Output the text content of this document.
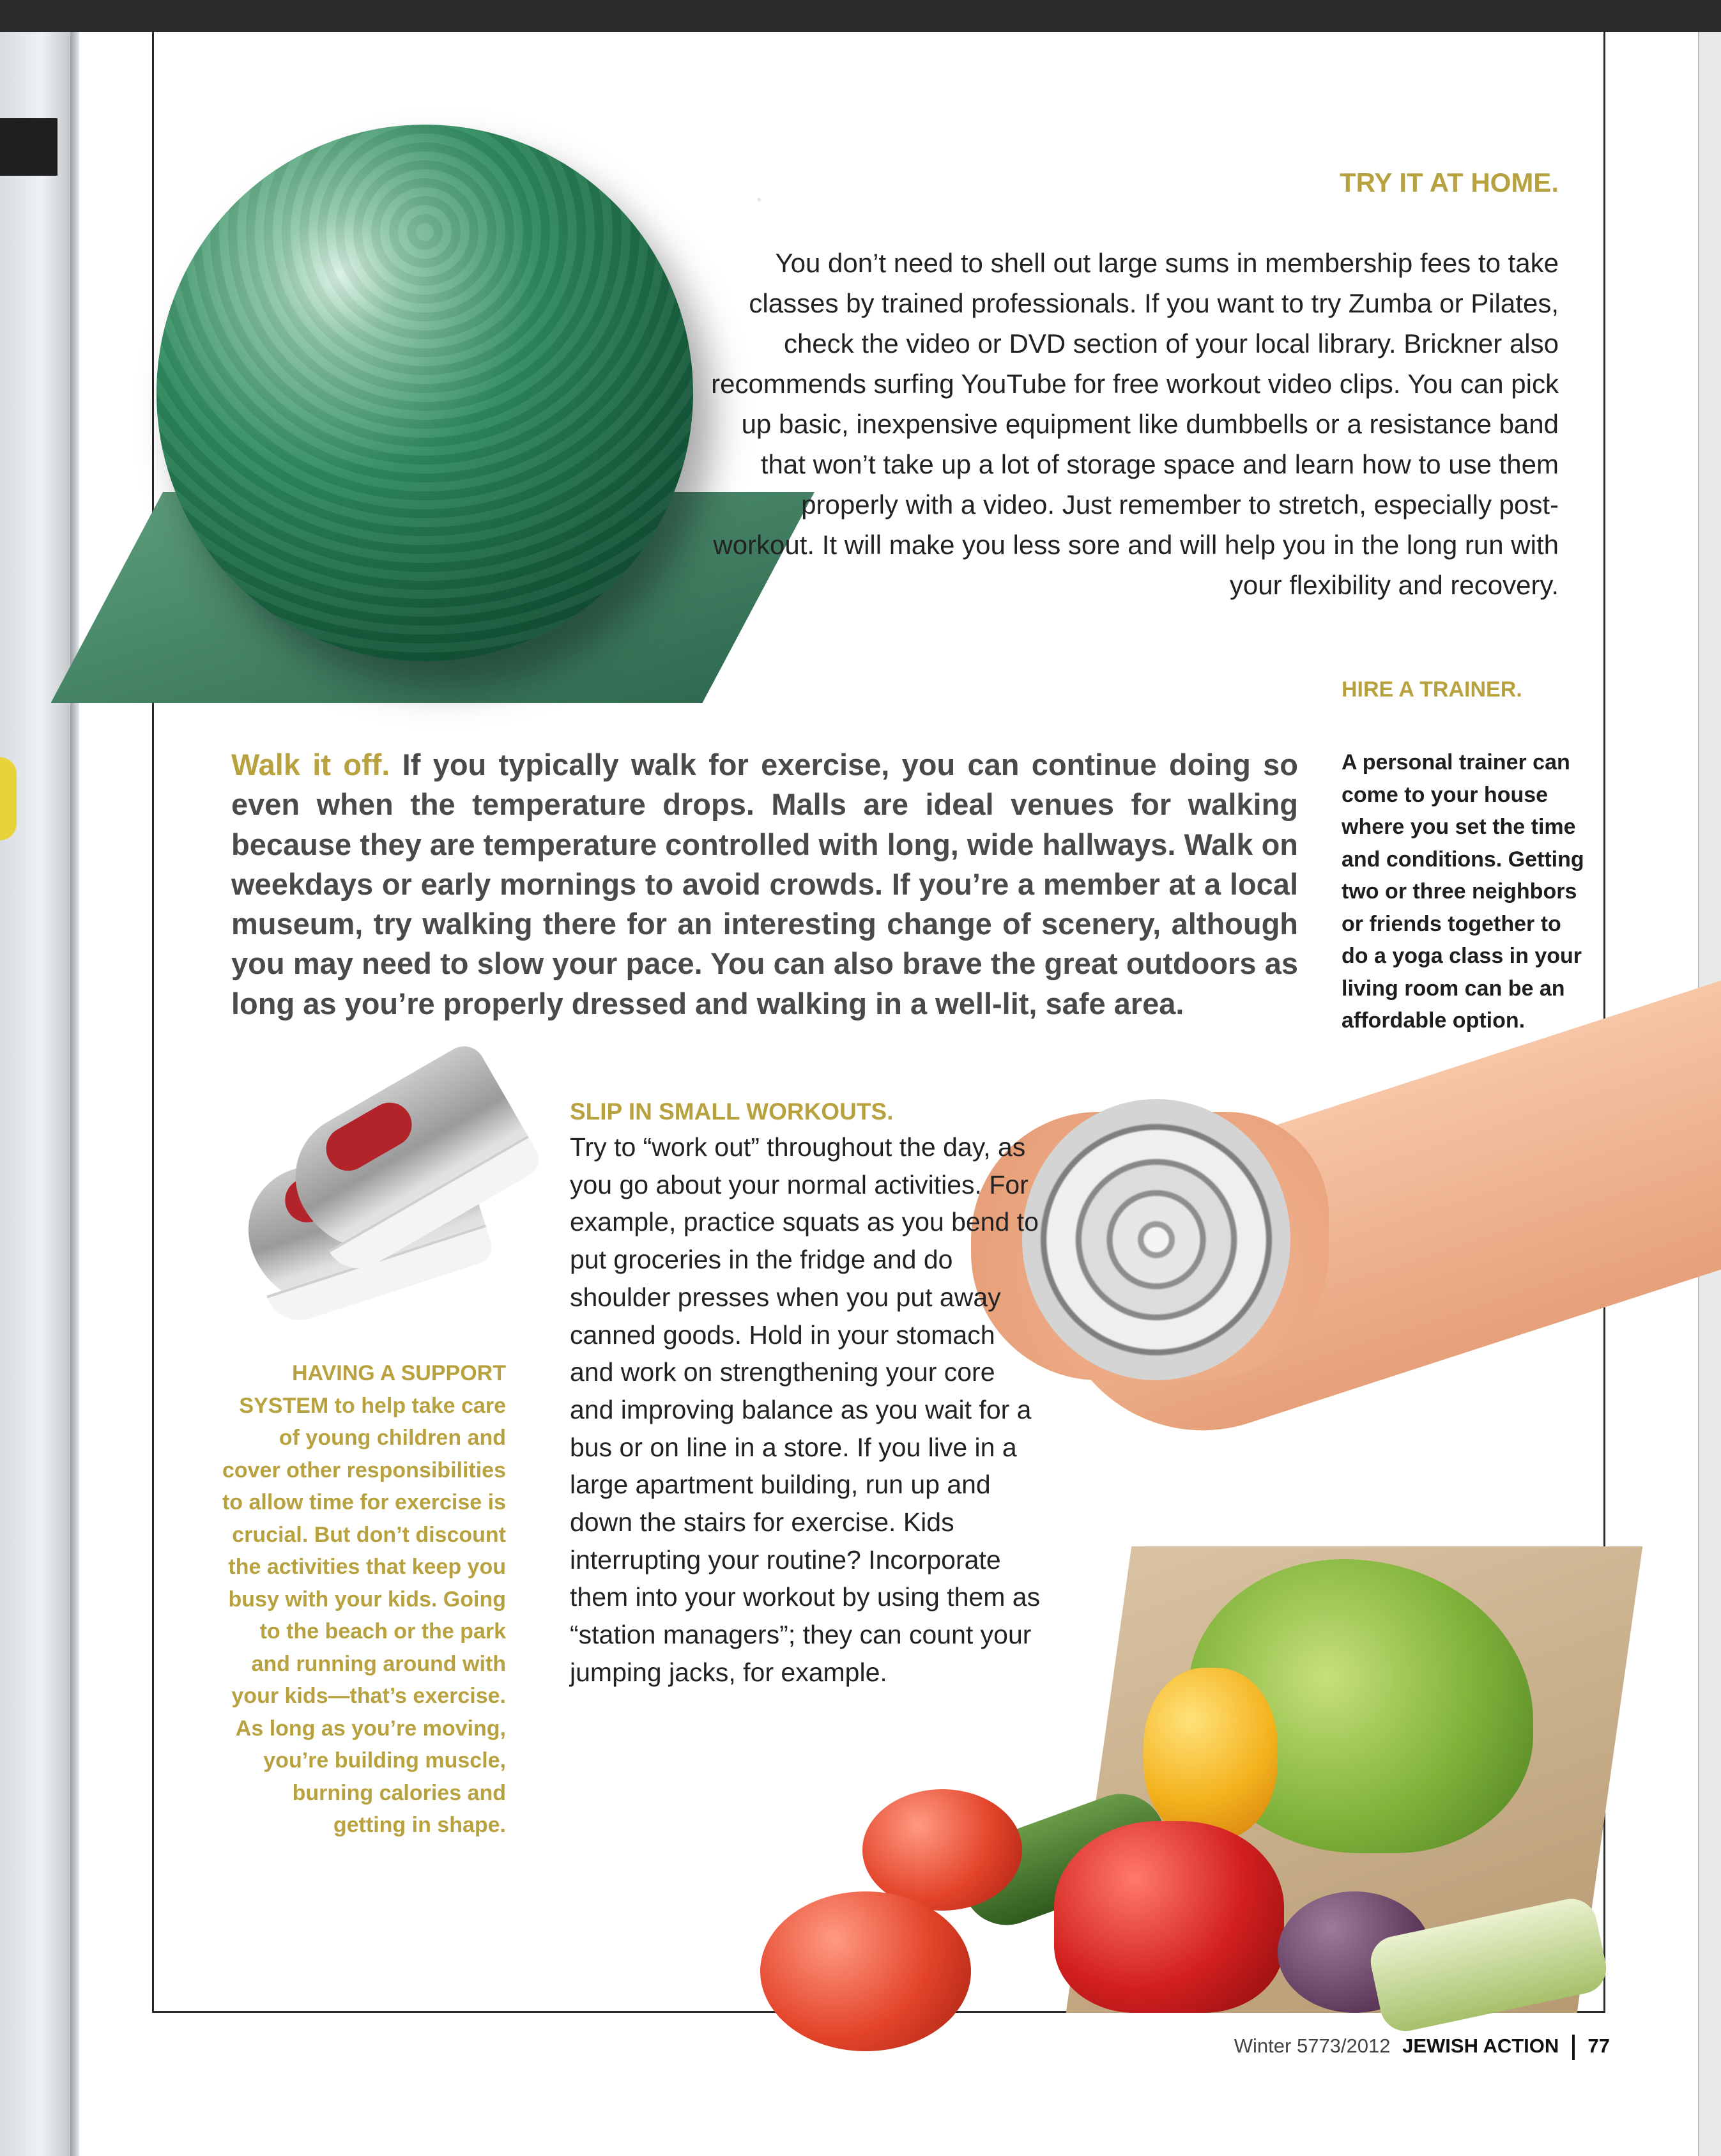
·	TRY IT AT HOME.

You don’t need to shell out large sums in membership fees to take classes by trained professionals. If you want to try Zumba or Pilates, check the video or DVD section of your local library. Brickner also recommends surfing YouTube for free workout video clips. You can pick up basic, inexpensive equipment like dumbbells or a resistance band that won’t take up a lot of storage space and learn how to use them properly with a video. Just remember to stretch, especially post-workout. It will make you less sore and will help you in the long run with your flexibility and recovery.

HIRE A TRAINER.

A personal trainer can come to your house where you set the time and conditions. Getting two or three neighbors or friends together to do a yoga class in your living room can be an affordable option.

Walk it off. If you typically walk for exercise, you can continue doing so even when the temperature drops. Malls are ideal venues for walking because they are temperature controlled with long, wide hallways. Walk on weekdays or early mornings to avoid crowds. If you’re a member at a local museum, try walking there for an interesting change of scenery, although you may need to slow your pace. You can also brave the great outdoors as long as you’re properly dressed and walking in a well-lit, safe area.

SLIP IN SMALL WORKOUTS.

Try to “work out” throughout the day, as you go about your normal activities. For example, practice squats as you bend to put groceries in the fridge and do shoulder presses when you put away canned goods. Hold in your stomach and work on strengthening your core and improving balance as you wait for a bus or on line in a store. If you live in a large apartment building, run up and down the stairs for exercise. Kids interrupting your routine? Incorporate them into your workout by using them as “station managers”; they can count your jumping jacks, for example.

HAVING A SUPPORT SYSTEM to help take care of young children and cover other responsibilities to allow time for exercise is crucial. But don’t discount the activities that keep you busy with your kids. Going to the beach or the park and running around with your kids—that’s exercise. As long as you’re moving, you’re building muscle, burning calories and getting in shape.

Winter 5773/2012 JEWISH ACTION 77
